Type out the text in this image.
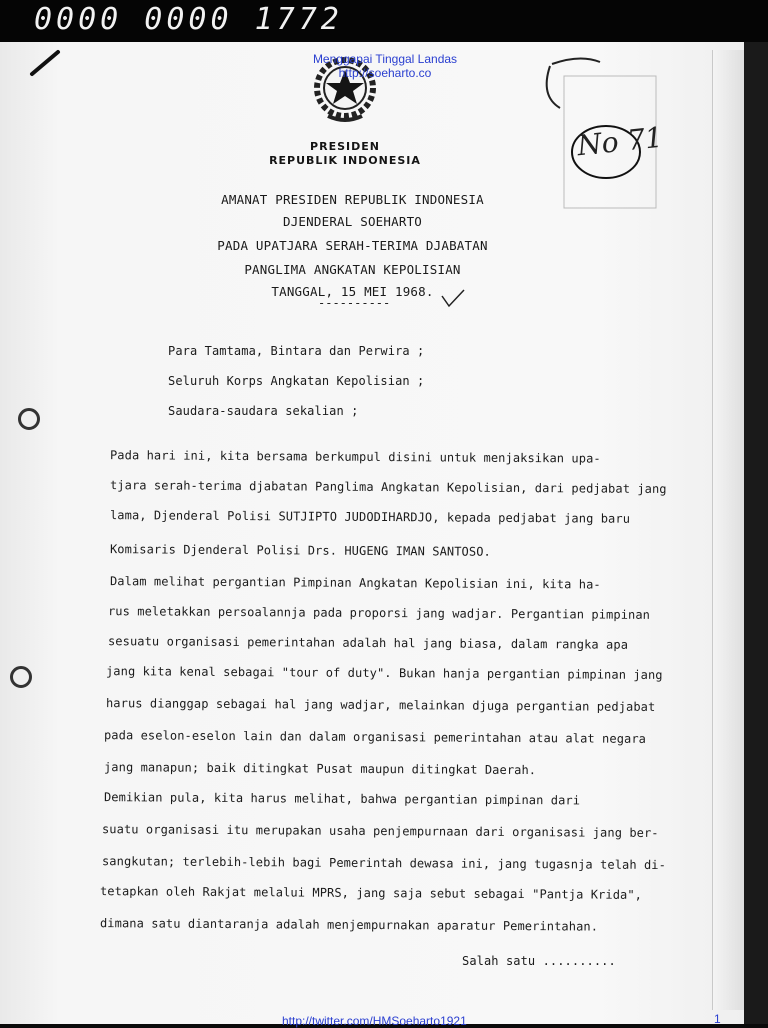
0000 0000 1772
Menggapai Tinggal Landas
http://soeharto.co
PRESIDEN
REPUBLIK INDONESIA	No 71
AMANAT PRESIDEN REPUBLIK INDONESIA
DJENDERAL SOEHARTO
PADA UPATJARA SERAH-TERIMA DJABATAN
PANGLIMA ANGKATAN KEPOLISIAN
TANGGAL, 15 MEI 1968.
----------
Para Tamtama, Bintara dan Perwira ;
Seluruh Korps Angkatan Kepolisian ;
Saudara-saudara sekalian ;
Pada hari ini, kita bersama berkumpul disini untuk menjaksikan upa-
tjara serah-terima djabatan Panglima Angkatan Kepolisian, dari pedjabat jang
lama, Djenderal Polisi SUTJIPTO JUDODIHARDJO, kepada pedjabat jang baru
Komisaris Djenderal Polisi Drs. HUGENG IMAN SANTOSO.
Dalam melihat pergantian Pimpinan Angkatan Kepolisian ini, kita ha-
rus meletakkan persoalannja pada proporsi jang wadjar. Pergantian pimpinan
sesuatu organisasi pemerintahan adalah hal jang biasa, dalam rangka apa
jang kita kenal sebagai "tour of duty". Bukan hanja pergantian pimpinan jang
harus dianggap sebagai hal jang wadjar, melainkan djuga pergantian pedjabat
pada eselon-eselon lain dan dalam organisasi pemerintahan atau alat negara
jang manapun; baik ditingkat Pusat maupun ditingkat Daerah.
Demikian pula, kita harus melihat, bahwa pergantian pimpinan dari
suatu organisasi itu merupakan usaha penjempurnaan dari organisasi jang ber-
sangkutan; terlebih-lebih bagi Pemerintah dewasa ini, jang tugasnja telah di-
tetapkan oleh Rakjat melalui MPRS, jang saja sebut sebagai "Pantja Krida",
dimana satu diantaranja adalah menjempurnakan aparatur Pemerintahan.
Salah satu ..........
http://twitter.com/HMSoeharto1921	1
